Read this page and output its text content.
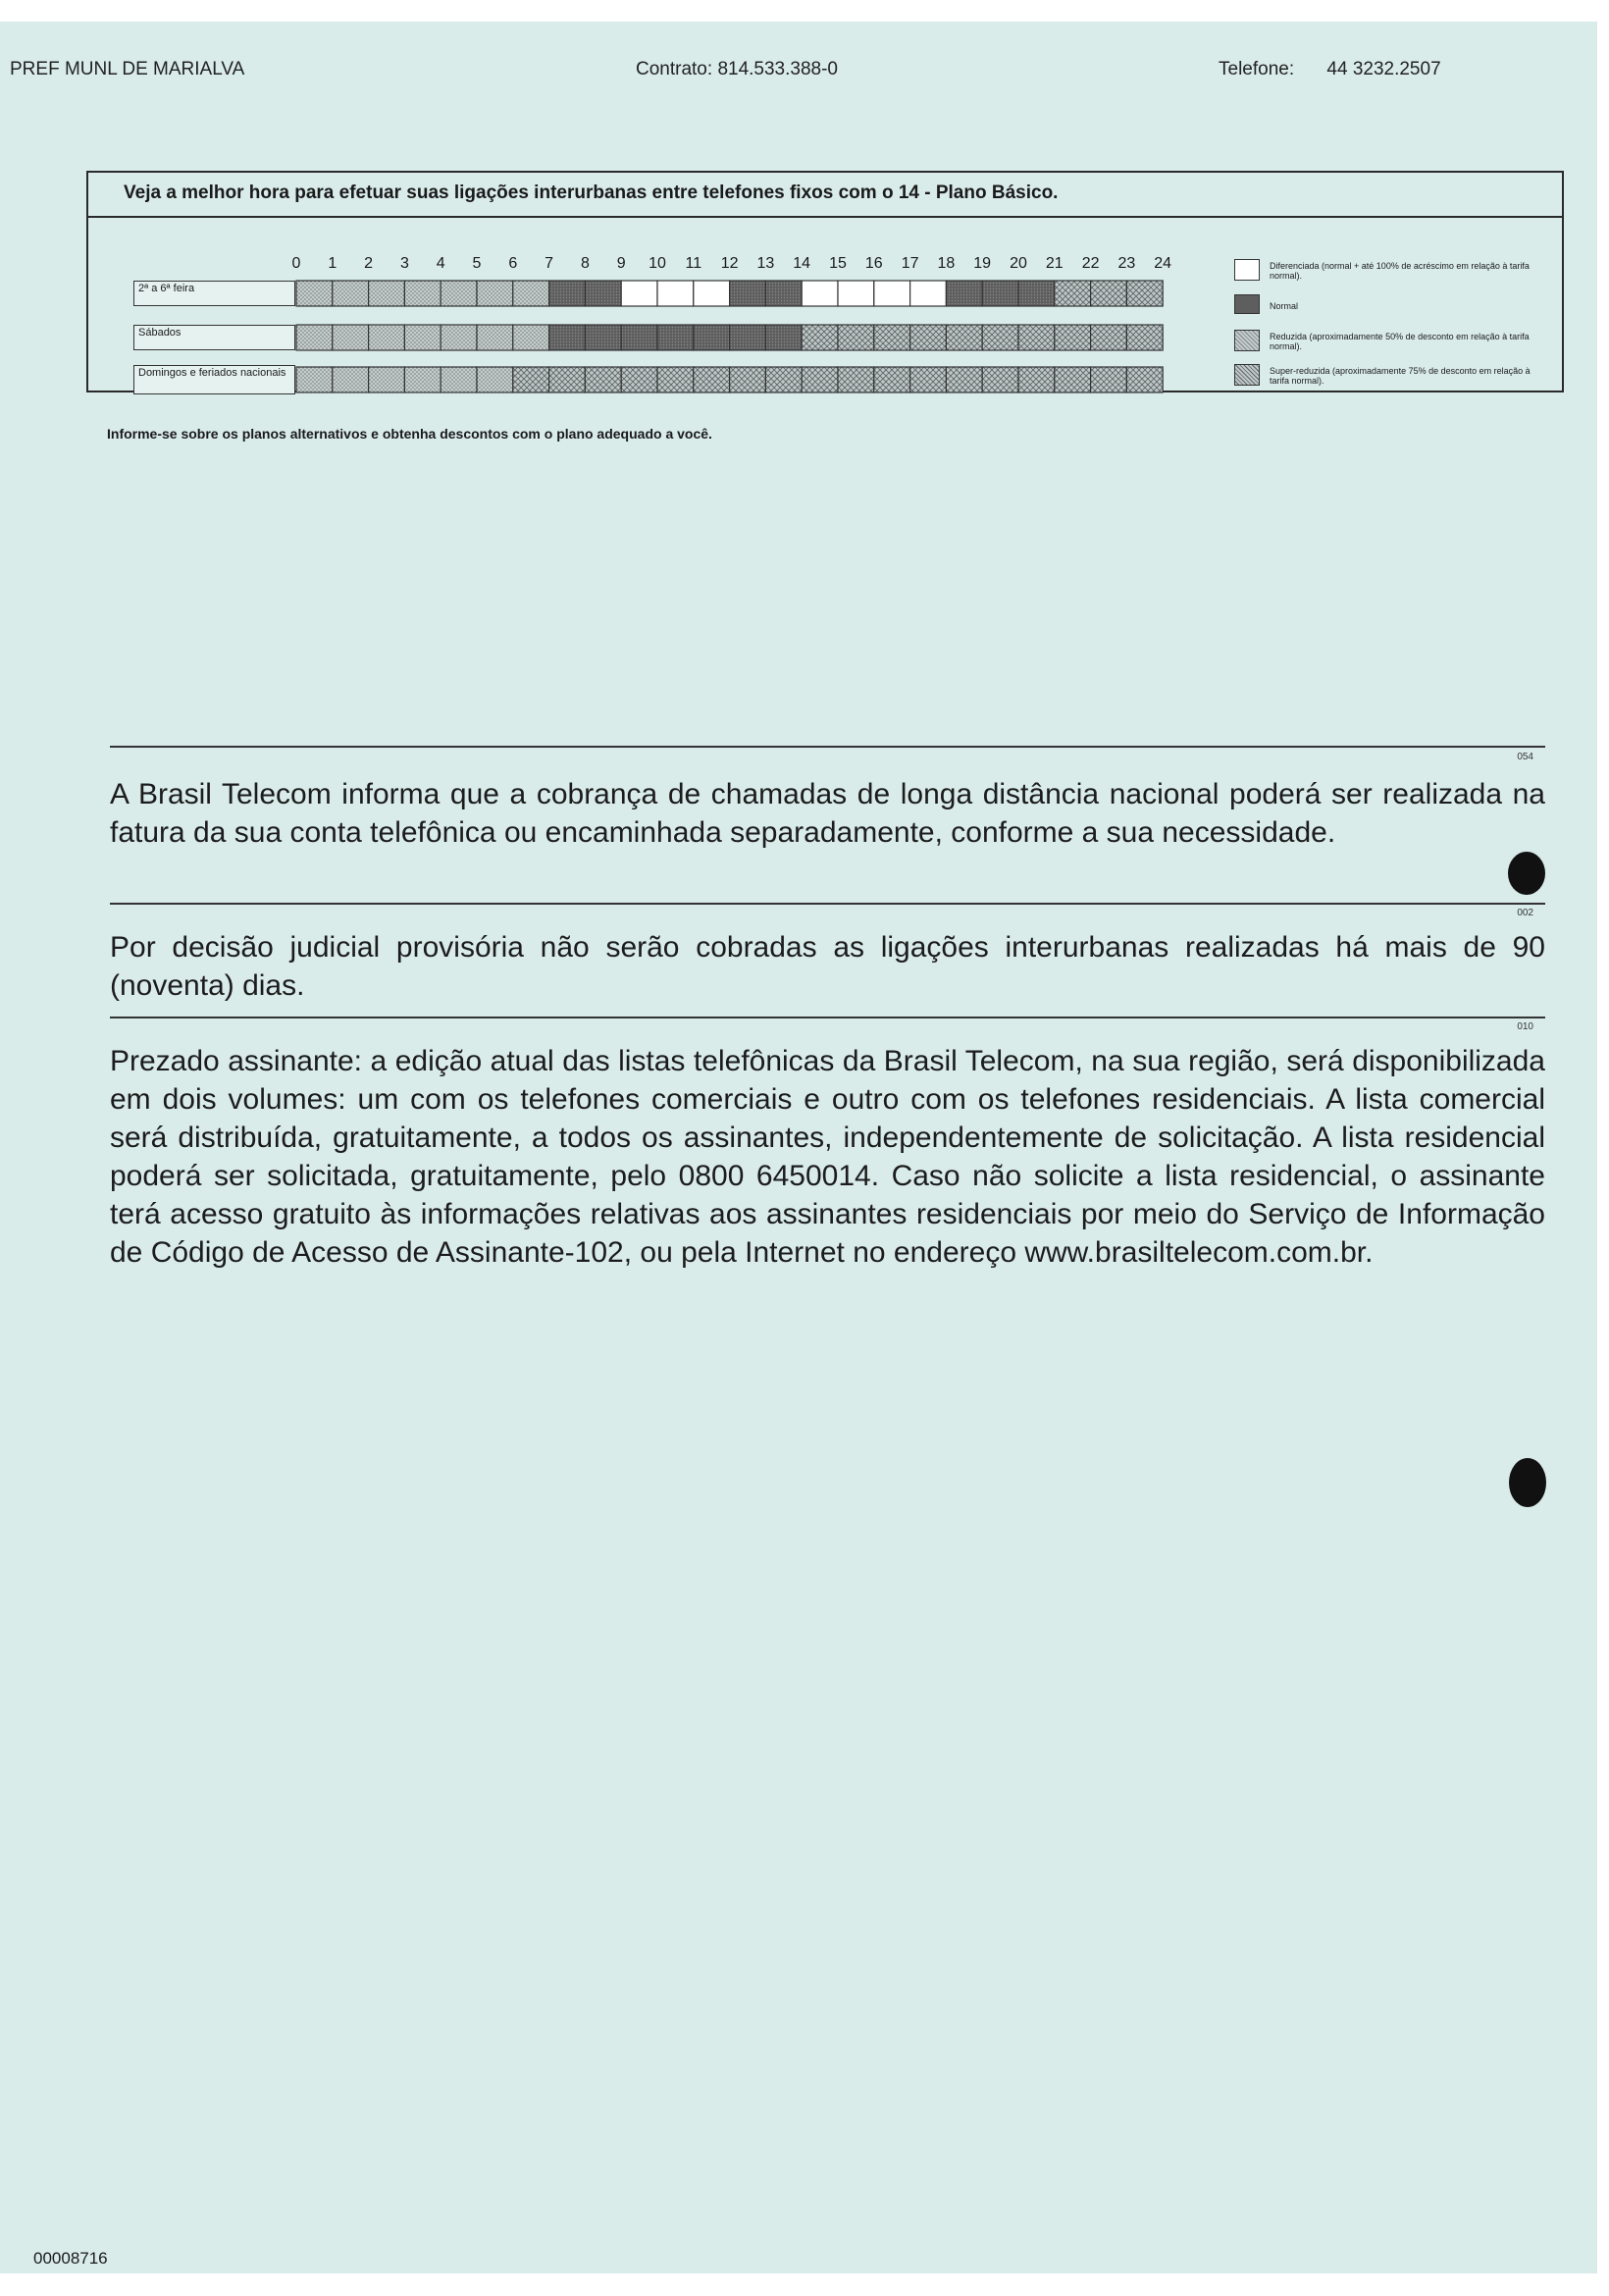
PREF MUNL DE MARIALVA	Contrato: 814.533.388-0	Telefone: 44 3232.2507
Veja a melhor hora para efetuar suas ligações interurbanas entre telefones fixos com o 14 - Plano Básico.
0	1	2	3	4	5	6	7	8	9	10	11	12	13	14	15	16	17	18	19	20	21	22	23	24
2ª a 6ª feira
Sábados
Domingos e feriados nacionais
Diferenciada (normal + até 100% de acréscimo em relação à tarifa normal).
Normal
Reduzida (aproximadamente 50% de desconto em relação à tarifa normal).
Super-reduzida (aproximadamente 75% de desconto em relação à tarifa normal).
Informe-se sobre os planos alternativos e obtenha descontos com o plano adequado a você.
054
A Brasil Telecom informa que a cobrança de chamadas de longa distância nacional poderá ser realizada na fatura da sua conta telefônica ou encaminhada separadamente, conforme a sua necessidade.
002
Por decisão judicial provisória não serão cobradas as ligações interurbanas realizadas há mais de 90 (noventa) dias.
010
Prezado assinante: a edição atual das listas telefônicas da Brasil Telecom, na sua região, será disponibilizada em dois volumes: um com os telefones comerciais e outro com os telefones residenciais. A lista comercial será distribuída, gratuitamente, a todos os assinantes, independentemente de solicitação. A lista residencial poderá ser solicitada, gratuitamente, pelo 0800 6450014. Caso não solicite a lista residencial, o assinante terá acesso gratuito às informações relativas aos assinantes residenciais por meio do Serviço de Informação de Código de Acesso de Assinante-102, ou pela Internet no endereço www.brasiltelecom.com.br.
00008716
